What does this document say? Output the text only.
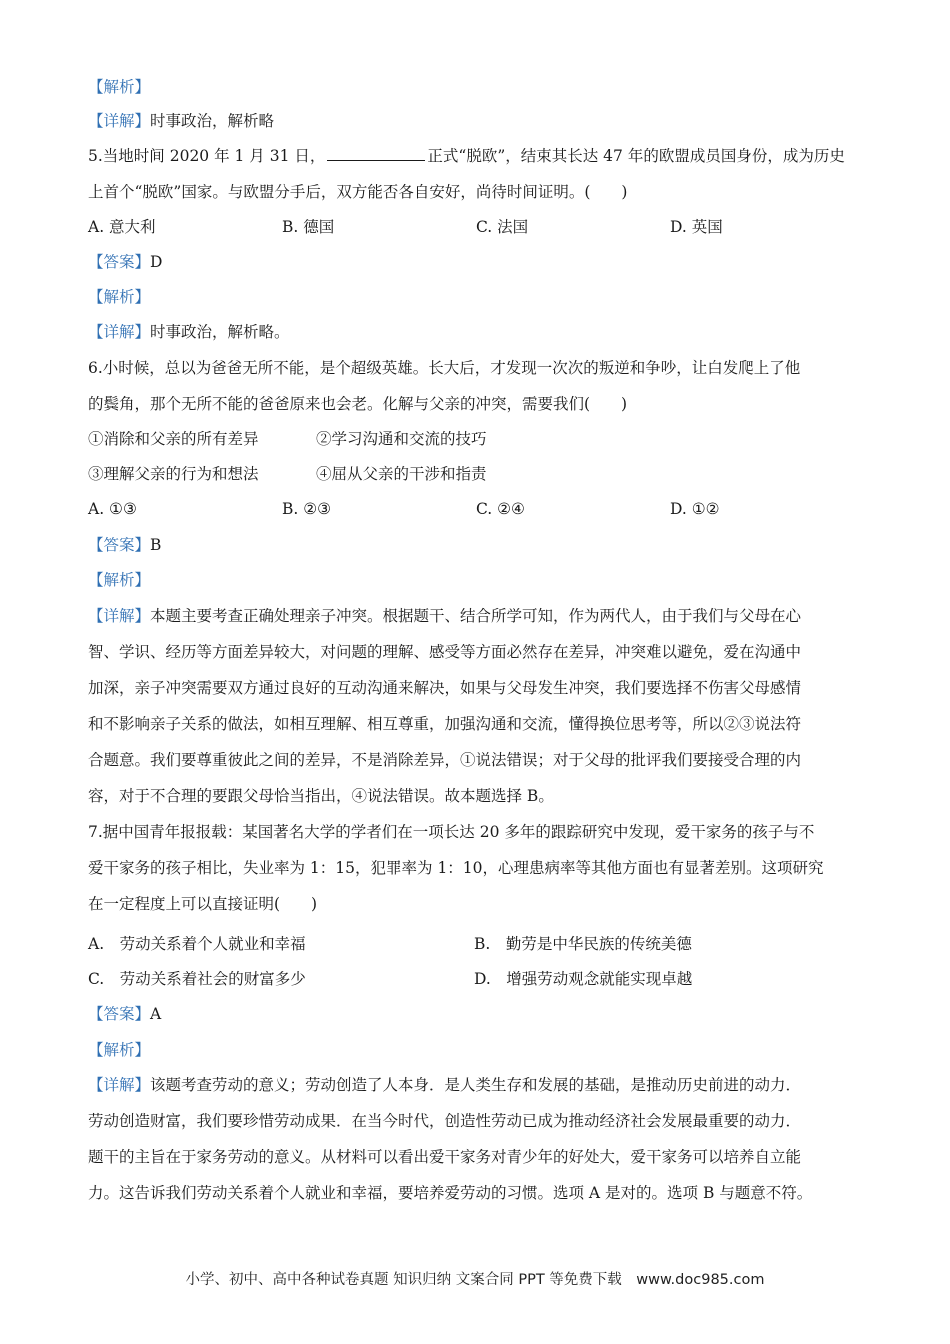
【解析】
【详解】时事政治，解析略
5.当地时间 2020 年 1 月 31 日，	正式“脱欧”，结束其长达 47 年的欧盟成员国身份，成为历史
上首个“脱欧”国家。与欧盟分手后，双方能否各自安好，尚待时间证明。(　　)
A. 意大利	B. 德国	C. 法国	D. 英国
【答案】D
【解析】
【详解】时事政治，解析略。
6.小时候，总以为爸爸无所不能，是个超级英雄。长大后，才发现一次次的叛逆和争吵，让白发爬上了他
的鬓角，那个无所不能的爸爸原来也会老。化解与父亲的冲突，需要我们(　　)
①消除和父亲的所有差异	②学习沟通和交流的技巧
③理解父亲的行为和想法	④屈从父亲的干涉和指责
A. ①③	B. ②③	C. ②④	D. ①②
【答案】B
【解析】
【详解】本题主要考查正确处理亲子冲突。根据题干、结合所学可知，作为两代人，由于我们与父母在心
智、学识、经历等方面差异较大，对问题的理解、感受等方面必然存在差异，冲突难以避免，爱在沟通中
加深，亲子冲突需要双方通过良好的互动沟通来解决，如果与父母发生冲突，我们要选择不伤害父母感情
和不影响亲子关系的做法，如相互理解、相互尊重，加强沟通和交流，懂得换位思考等，所以②③说法符
合题意。我们要尊重彼此之间的差异，不是消除差异，①说法错误；对于父母的批评我们要接受合理的内
容，对于不合理的要跟父母恰当指出，④说法错误。故本题选择 B。
7.据中国青年报报载：某国著名大学的学者们在一项长达 20 多年的跟踪研究中发现，爱干家务的孩子与不
爱干家务的孩子相比，失业率为 1：15，犯罪率为 1：10，心理患病率等其他方面也有显著差别。这项研究
在一定程度上可以直接证明(　　)
A.　劳动关系着个人就业和幸福	B.　勤劳是中华民族的传统美德
C.　劳动关系着社会的财富多少	D.　增强劳动观念就能实现卓越
【答案】A
【解析】
【详解】该题考查劳动的意义；劳动创造了人本身．是人类生存和发展的基础，是推动历史前进的动力．
劳动创造财富，我们要珍惜劳动成果．在当今时代，创造性劳动已成为推动经济社会发展最重要的动力．
题干的主旨在于家务劳动的意义。从材料可以看出爱干家务对青少年的好处大，爱干家务可以培养自立能
力。这告诉我们劳动关系着个人就业和幸福，要培养爱劳动的习惯。选项 A 是对的。选项 B 与题意不符。
小学、初中、高中各种试卷真题 知识归纳 文案合同 PPT 等免费下载　www.doc985.com
